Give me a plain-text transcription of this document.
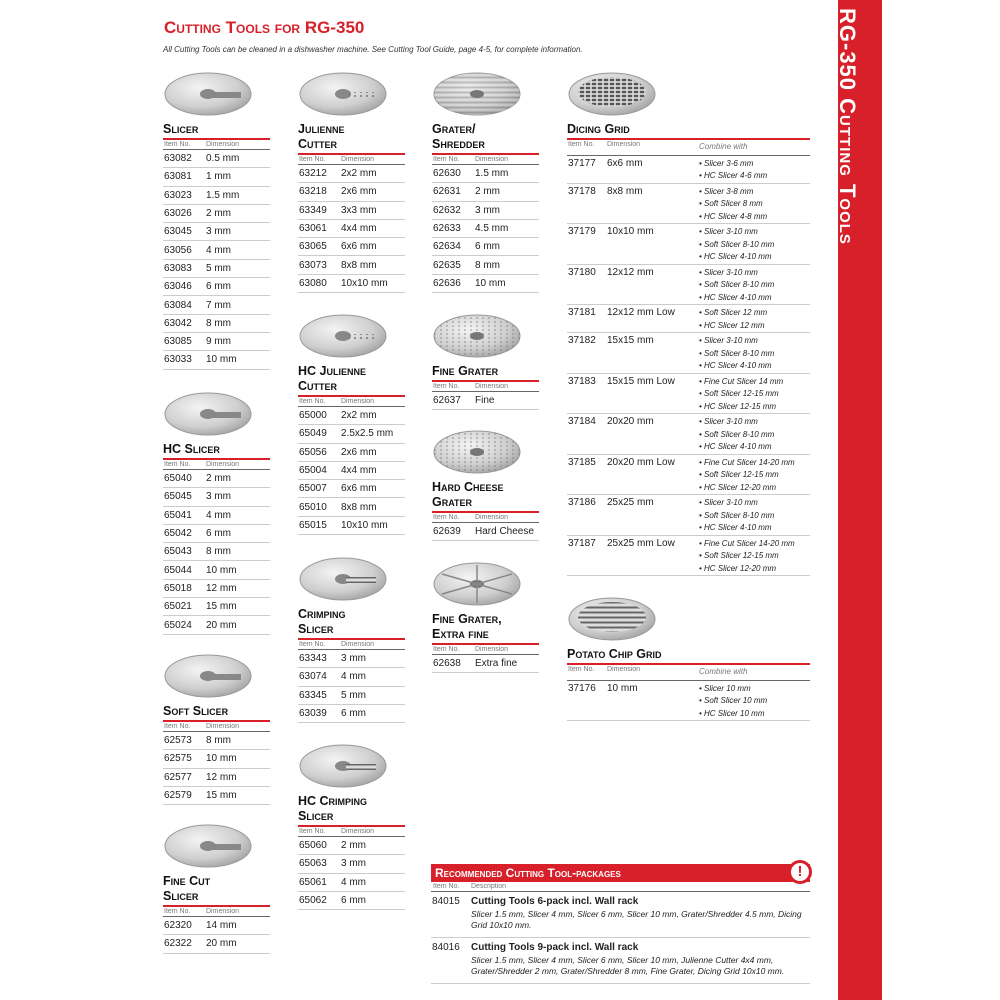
RG-350 Cutting Tools
Cutting Tools for RG-350
All Cutting Tools can be cleaned in a dishwasher machine. See Cutting Tool Guide, page 4-5, for complete information.
Slicer
Item No.	Dimension
63082	0.5 mm
63081	1 mm
63023	1.5 mm
63026	2 mm
63045	3 mm
63056	4 mm
63083	5 mm
63046	6 mm
63084	7 mm
63042	8 mm
63085	9 mm
63033	10 mm
HC Slicer
Item No.	Dimension
65040	2 mm
65045	3 mm
65041	4 mm
65042	6 mm
65043	8 mm
65044	10 mm
65018	12 mm
65021	15 mm
65024	20 mm
Soft Slicer
Item No.	Dimension
62573	8 mm
62575	10 mm
62577	12 mm
62579	15 mm
Fine Cut
Slicer
Item No.	Dimension
62320	14 mm
62322	20 mm
Julienne
Cutter
Item No.	Dimension
63212	2x2 mm
63218	2x6 mm
63349	3x3 mm
63061	4x4 mm
63065	6x6 mm
63073	8x8 mm
63080	10x10 mm
HC Julienne
Cutter
Item No.	Dimension
65000	2x2 mm
65049	2.5x2.5 mm
65056	2x6 mm
65004	4x4 mm
65007	6x6 mm
65010	8x8 mm
65015	10x10 mm
Crimping
Slicer
Item No.	Dimension
63343	3 mm
63074	4 mm
63345	5 mm
63039	6 mm
HC Crimping
Slicer
Item No.	Dimension
65060	2 mm
65063	3 mm
65061	4 mm
65062	6 mm
Grater/
Shredder
Item No.	Dimension
62630	1.5 mm
62631	2 mm
62632	3 mm
62633	4.5 mm
62634	6 mm
62635	8 mm
62636	10 mm
Fine Grater
Item No.	Dimension
62637	Fine
Hard Cheese
Grater
Item No.	Dimension
62639	Hard Cheese
Fine Grater,
Extra fine
Item No.	Dimension
62638	Extra fine
Dicing Grid
Item No.	Dimension	Combine with
37177	6x6 mm	• Slicer 3-6 mm
• HC Slicer 4-6 mm
37178	8x8 mm	• Slicer 3-8 mm
• Soft Slicer 8 mm
• HC Slicer 4-8 mm
37179	10x10 mm	• Slicer 3-10 mm
• Soft Slicer 8-10 mm
• HC Slicer 4-10 mm
37180	12x12 mm	• Slicer 3-10 mm
• Soft Slicer 8-10 mm
• HC Slicer 4-10 mm
37181	12x12 mm Low	• Soft Slicer 12 mm
• HC Slicer 12 mm
37182	15x15 mm	• Slicer 3-10 mm
• Soft Slicer 8-10 mm
• HC Slicer 4-10 mm
37183	15x15 mm Low	• Fine Cut Slicer 14 mm
• Soft Slicer 12-15 mm
• HC Slicer 12-15 mm
37184	20x20 mm	• Slicer 3-10 mm
• Soft Slicer 8-10 mm
• HC Slicer 4-10 mm
37185	20x20 mm Low	• Fine Cut Slicer 14-20 mm
• Soft Slicer 12-15 mm
• HC Slicer 12-20 mm
37186	25x25 mm	• Slicer 3-10 mm
• Soft Slicer 8-10 mm
• HC Slicer 4-10 mm
37187	25x25 mm Low	• Fine Cut Slicer 14-20 mm
• Soft Slicer 12-15 mm
• HC Slicer 12-20 mm
Potato Chip Grid
Item No.	Dimension	Combine with
37176	10 mm	• Slicer 10 mm
• Soft Slicer 10 mm
• HC Slicer 10 mm
Recommended Cutting Tool-packages	!
Item No.	Description
84015	Cutting Tools 6-pack incl. Wall rack
Slicer 1.5 mm, Slicer 4 mm, Slicer 6 mm, Slicer 10 mm, Grater/Shredder 4.5 mm, Dicing Grid 10x10 mm.
84016	Cutting Tools 9-pack incl. Wall rack
Slicer 1.5 mm, Slicer 4 mm, Slicer 6 mm, Slicer 10 mm, Julienne Cutter 4x4 mm, Grater/Shredder 2 mm, Grater/Shredder 8 mm, Fine Grater, Dicing Grid 10x10 mm.
